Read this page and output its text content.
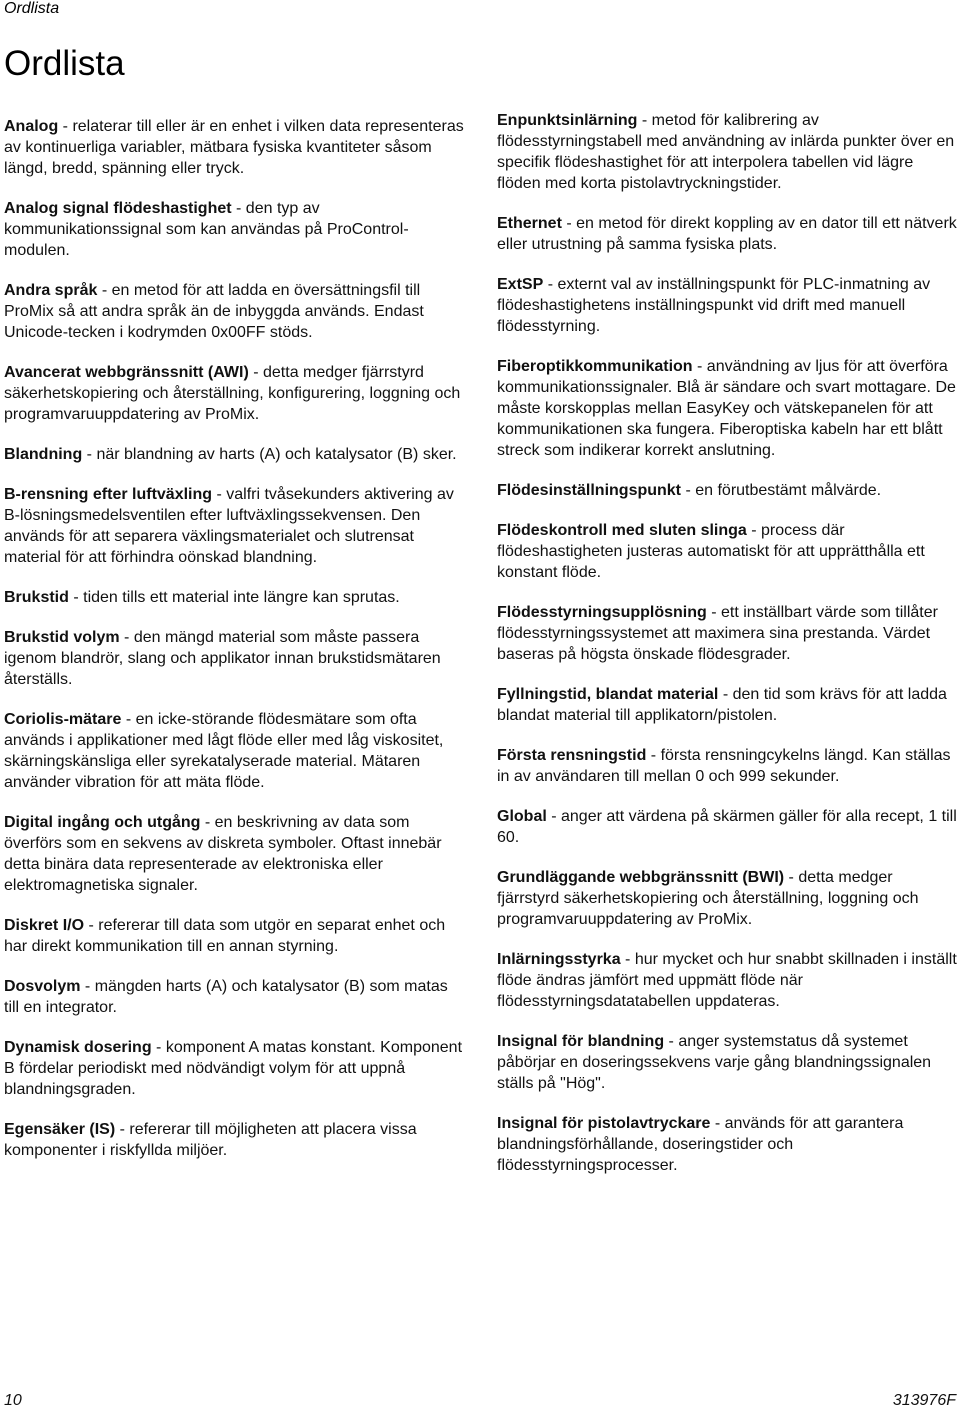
Ordlista
Ordlista

Analog - relaterar till eller är en enhet i vilken data representeras av kontinuerliga variabler, mätbara fysiska kvantiteter såsom längd, bredd, spänning eller tryck.

Analog signal flödeshastighet - den typ av kommunikationssignal som kan användas på ProControl-modulen.

Andra språk - en metod för att ladda en översättningsfil till ProMix så att andra språk än de inbyggda används. Endast Unicode-tecken i kodrymden 0x00FF stöds.

Avancerat webbgränssnitt (AWI) - detta medger fjärrstyrd säkerhetskopiering och återställning, konfigurering, loggning och programvaruuppdatering av ProMix.

Blandning - när blandning av harts (A) och katalysator (B) sker.

B-rensning efter luftväxling - valfri tvåsekunders aktivering av B-lösningsmedelsventilen efter luftväxlingssekvensen. Den används för att separera växlingsmaterialet och slutrensat material för att förhindra oönskad blandning.

Brukstid - tiden tills ett material inte längre kan sprutas.

Brukstid volym - den mängd material som måste passera igenom blandrör, slang och applikator innan brukstidsmätaren återställs.

Coriolis-mätare - en icke-störande flödesmätare som ofta används i applikationer med lågt flöde eller med låg viskositet, skärningskänsliga eller syrekatalyserade material. Mätaren använder vibration för att mäta flöde.

Digital ingång och utgång - en beskrivning av data som överförs som en sekvens av diskreta symboler. Oftast innebär detta binära data representerade av elektroniska eller elektromagnetiska signaler.

Diskret I/O - refererar till data som utgör en separat enhet och har direkt kommunikation till en annan styrning.

Dosvolym - mängden harts (A) och katalysator (B) som matas till en integrator.

Dynamisk dosering - komponent A matas konstant. Komponent B fördelar periodiskt med nödvändigt volym för att uppnå blandningsgraden.

Egensäker (IS) - refererar till möjligheten att placera vissa komponenter i riskfyllda miljöer.

Enpunktsinlärning - metod för kalibrering av flödesstyrningstabell med användning av inlärda punkter över en specifik flödeshastighet för att interpolera tabellen vid lägre flöden med korta pistolavtryckningstider.

Ethernet - en metod för direkt koppling av en dator till ett nätverk eller utrustning på samma fysiska plats.

ExtSP - externt val av inställningspunkt för PLC-inmatning av flödeshastighetens inställningspunkt vid drift med manuell flödesstyrning.

Fiberoptikkommunikation - användning av ljus för att överföra kommunikationssignaler. Blå är sändare och svart mottagare. De måste korskopplas mellan EasyKey och vätskepanelen för att kommunikationen ska fungera. Fiberoptiska kabeln har ett blått streck som indikerar korrekt anslutning.

Flödesinställningspunkt - en förutbestämt målvärde.

Flödeskontroll med sluten slinga - process där flödeshastigheten justeras automatiskt för att upprätthålla ett konstant flöde.

Flödesstyrningsupplösning - ett inställbart värde som tillåter flödesstyrningssystemet att maximera sina prestanda. Värdet baseras på högsta önskade flödesgrader.

Fyllningstid, blandat material - den tid som krävs för att ladda blandat material till applikatorn/pistolen.

Första rensningstid - första rensningcykelns längd. Kan ställas in av användaren till mellan 0 och 999 sekunder.

Global - anger att värdena på skärmen gäller för alla recept, 1 till 60.

Grundläggande webbgränssnitt (BWI) - detta medger fjärrstyrd säkerhetskopiering och återställning, loggning och programvaruuppdatering av ProMix.

Inlärningsstyrka - hur mycket och hur snabbt skillnaden i inställt flöde ändras jämfört med uppmätt flöde när flödesstyrningsdatatabellen uppdateras.

Insignal för blandning - anger systemstatus då systemet påbörjar en doseringssekvens varje gång blandningssignalen ställs på "Hög".

Insignal för pistolavtryckare - används för att garantera blandningsförhållande, doseringstider och flödesstyrningsprocesser.

10	313976F
